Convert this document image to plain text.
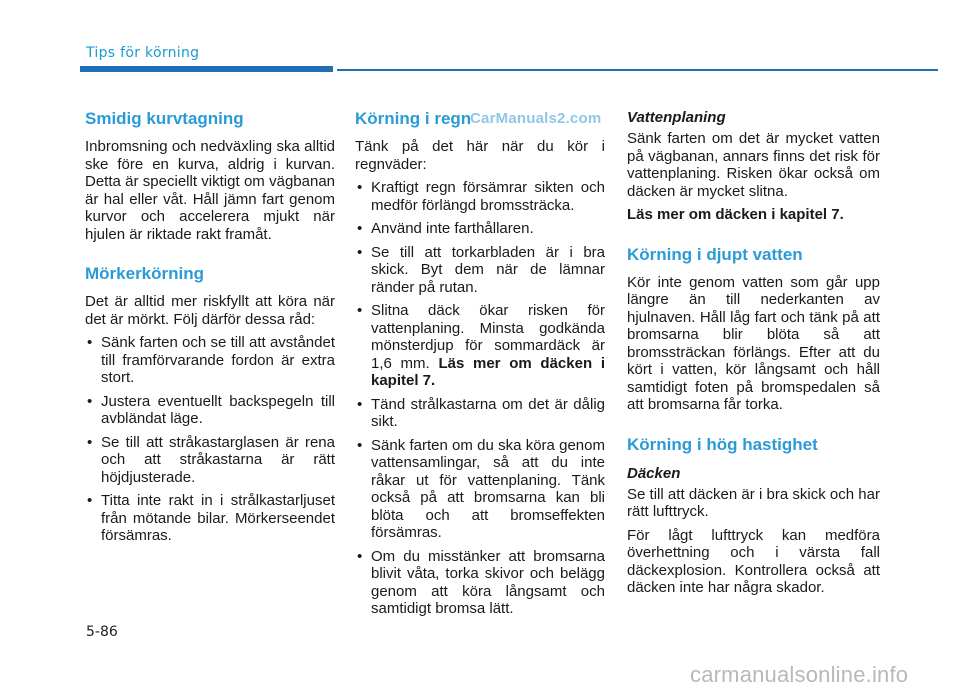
Tips för körning
Smidig kurvtagning

Inbromsning och nedväxling ska alltid ske före en kurva, aldrig i kurvan. Detta är speciellt viktigt om vägbanan är hal eller våt. Håll jämn fart genom kurvor och accelerera mjukt när hjulen är riktade rakt framåt.

Mörkerkörning

Det är alltid mer riskfyllt att köra när det är mörkt. Följ därför dessa råd:

• Sänk farten och se till att avståndet till framförvarande fordon är extra stort.
• Justera eventuellt backspegeln till avbländat läge.
• Se till att stråkastarglasen är rena och att stråkastarna är rätt höjdjusterade.
• Titta inte rakt in i strålkastarljuset från mötande bilar. Mörkerseendet försämras.
Körning i regn

Tänk på det här när du kör i regnväder:

• Kraftigt regn försämrar sikten och medför förlängd bromssträcka.
• Använd inte farthållaren.
• Se till att torkarbladen är i bra skick. Byt dem när de lämnar ränder på rutan.
• Slitna däck ökar risken för vattenplaning. Minsta godkända mönsterdjup för sommardäck är 1,6 mm. Läs mer om däcken i kapitel 7.
• Tänd strålkastarna om det är dålig sikt.
• Sänk farten om du ska köra genom vattensamlingar, så att du inte råkar ut för vattenplaning. Tänk också på att bromsarna kan bli blöta och att bromseffekten försämras.
• Om du misstänker att bromsarna blivit våta, torka skivor och belägg genom att köra långsamt och samtidigt bromsa lätt.
CarManuals2.com Vattenplaning

Sänk farten om det är mycket vatten på vägbanan, annars finns det risk för vattenplaning. Risken ökar också om däcken är mycket slitna.

Läs mer om däcken i kapitel 7.

Körning i djupt vatten

Kör inte genom vatten som går upp längre än till nederkanten av hjulnaven. Håll låg fart och tänk på att bromsarna blir blöta så att bromssträckan förlängs. Efter att du kört i vatten, kör långsamt och håll samtidigt foten på bromspedalen så att bromsarna får torka.

Körning i hög hastighet
Däcken

Se till att däcken är i bra skick och har rätt lufttryck.

För lågt lufttryck kan medföra överhettning och i värsta fall däckexplosion. Kontrollera också att däcken inte har några skador.

5-86
carmanualsonline.info
